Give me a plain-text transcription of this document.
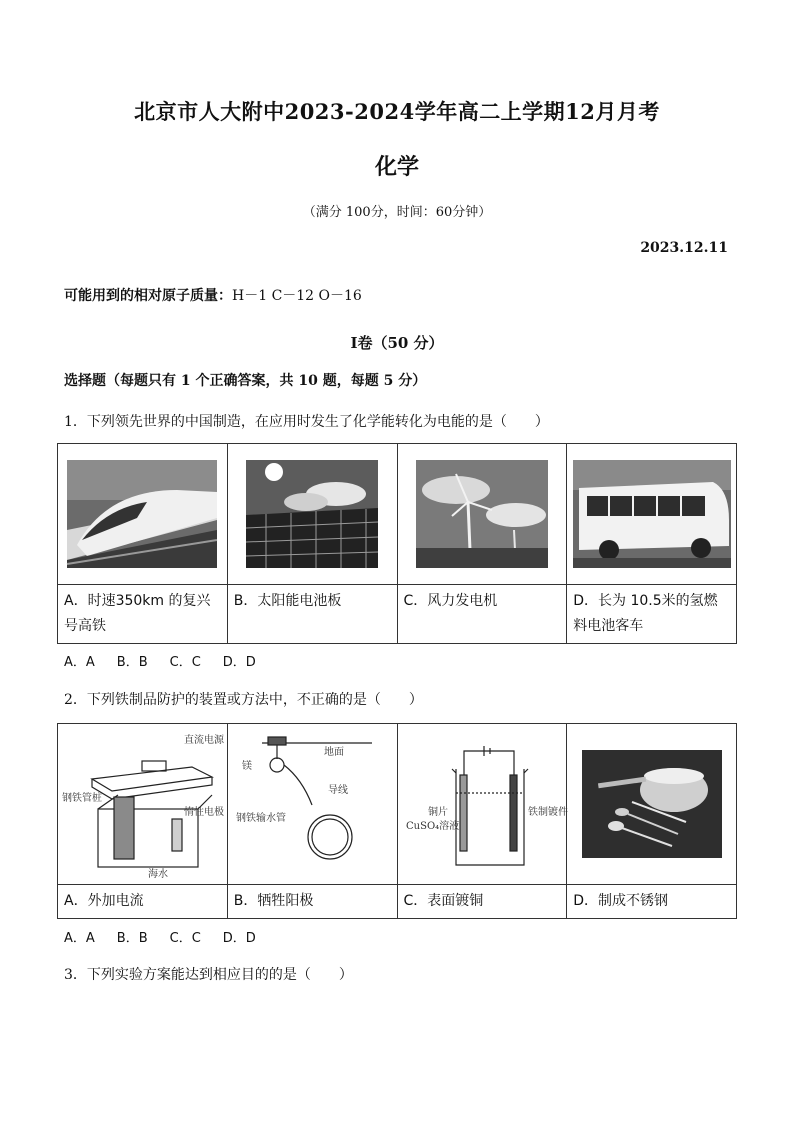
北京市人大附中2023-2024学年高二上学期12月月考
化学
（满分 100分，时间：60分钟）
2023.12.11
可能用到的相对原子质量：H－1 C－12 O－16
Ⅰ卷（50 分）
选择题（每题只有 1 个正确答案，共 10 题，每题 5 分）
1．下列领先世界的中国制造，在应用时发生了化学能转化为电能的是（　　）

A．时速350km 的复兴号高铁	B．太阳能电池板	C．风力发电机	D．长为 10.5米的氢燃料电池客车
A．A B．B C．C D．D
2．下列铁制品防护的装置或方法中，不正确的是（　　）
直流电源
钢铁管桩
惰性电极
海水	地面
镁
导线
钢铁输水管	铜片
CuSO₄溶液
铁制镀件

A．外加电流	B．牺牲阳极	C．表面镀铜	D．制成不锈钢
A．A B．B C．C D．D
3．下列实验方案能达到相应目的的是（　　）
